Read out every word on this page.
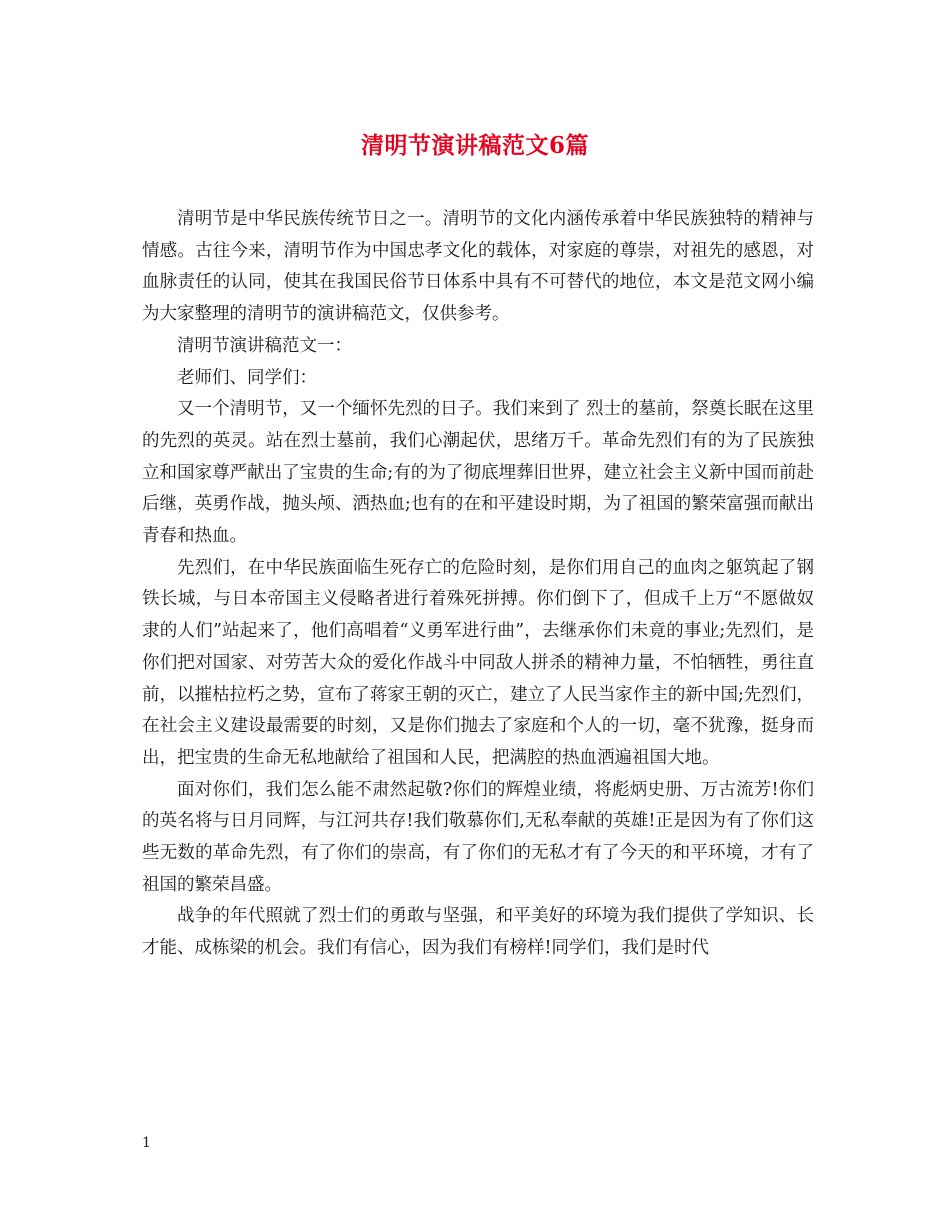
清明节演讲稿范文6篇

清明节是中华民族传统节日之一。清明节的文化内涵传承着中华民族独特的精神与情感。古往今来，清明节作为中国忠孝文化的载体，对家庭的尊崇，对祖先的感恩，对血脉责任的认同，使其在我国民俗节日体系中具有不可替代的地位，本文是范文网小编为大家整理的清明节的演讲稿范文，仅供参考。

清明节演讲稿范文一：

老师们、同学们：

又一个清明节，又一个缅怀先烈的日子。我们来到了 烈士的墓前，祭奠长眠在这里的先烈的英灵。站在烈士墓前，我们心潮起伏，思绪万千。革命先烈们有的为了民族独立和国家尊严献出了宝贵的生命;有的为了彻底埋葬旧世界，建立社会主义新中国而前赴后继，英勇作战，抛头颅、洒热血;也有的在和平建设时期，为了祖国的繁荣富强而献出青春和热血。

先烈们，在中华民族面临生死存亡的危险时刻，是你们用自己的血肉之躯筑起了钢铁长城，与日本帝国主义侵略者进行着殊死拼搏。你们倒下了，但成千上万“不愿做奴隶的人们”站起来了，他们高唱着“义勇军进行曲”，去继承你们未竟的事业;先烈们，是你们把对国家、对劳苦大众的爱化作战斗中同敌人拼杀的精神力量，不怕牺牲，勇往直前，以摧枯拉朽之势，宣布了蒋家王朝的灭亡，建立了人民当家作主的新中国;先烈们，在社会主义建设最需要的时刻，又是你们抛去了家庭和个人的一切，毫不犹豫，挺身而出，把宝贵的生命无私地献给了祖国和人民，把满腔的热血洒遍祖国大地。

面对你们，我们怎么能不肃然起敬?你们的辉煌业绩，将彪炳史册、万古流芳!你们的英名将与日月同辉，与江河共存!我们敬慕你们,无私奉献的英雄!正是因为有了你们这些无数的革命先烈，有了你们的崇高，有了你们的无私才有了今天的和平环境，才有了祖国的繁荣昌盛。

战争的年代照就了烈士们的勇敢与坚强，和平美好的环境为我们提供了学知识、长才能、成栋梁的机会。我们有信心，因为我们有榜样!同学们，我们是时代

1
